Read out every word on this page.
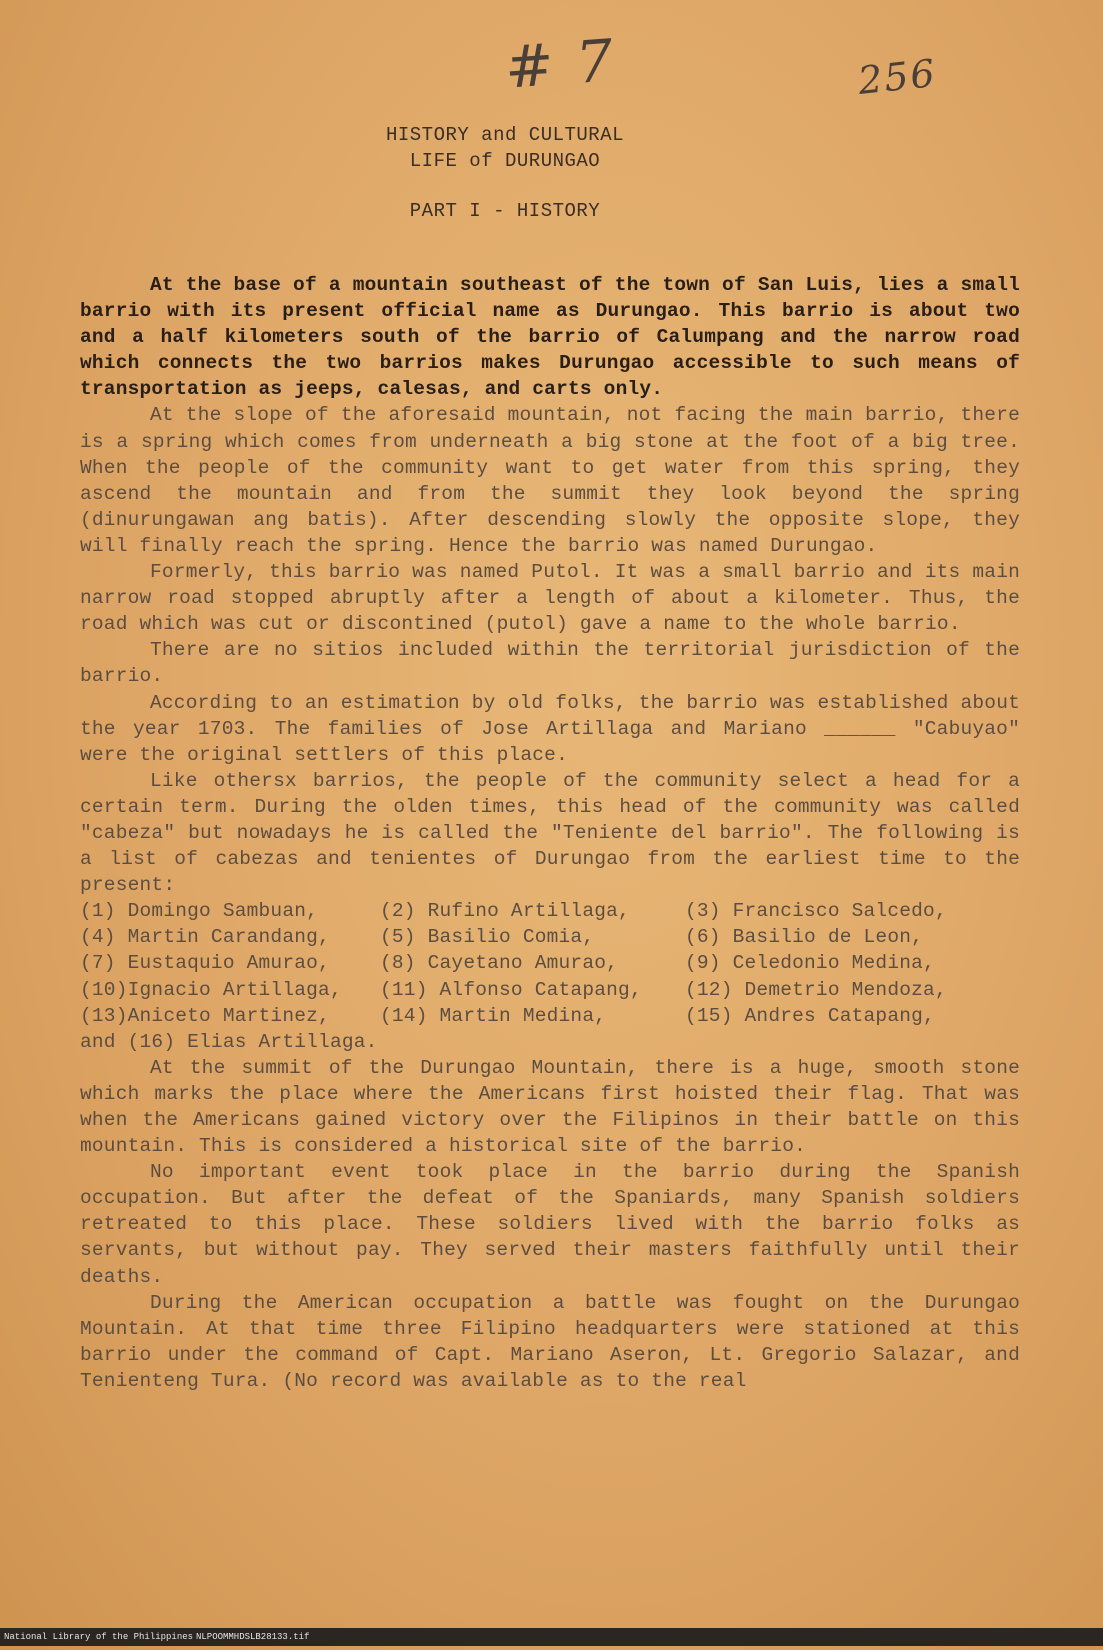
# 7	256
HISTORY and CULTURAL
LIFE of DURUNGAO
PART I - HISTORY

At the base of a mountain southeast of the town of San Luis, lies a small barrio with its present official name as Durungao. This barrio is about two and a half kilometers south of the barrio of Calumpang and the narrow road which connects the two barrios makes Durungao accessible to such means of transportation as jeeps, calesas, and carts only.

At the slope of the aforesaid mountain, not facing the main barrio, there is a spring which comes from underneath a big stone at the foot of a big tree. When the people of the community want to get water from this spring, they ascend the mountain and from the summit they look beyond the spring (dinurungawan ang batis). After descending slowly the opposite slope, they will finally reach the spring. Hence the barrio was named Durungao.

Formerly, this barrio was named Putol. It was a small barrio and its main narrow road stopped abruptly after a length of about a kilometer. Thus, the road which was cut or discontined (putol) gave a name to the whole barrio.

There are no sitios included within the territorial jurisdiction of the barrio.

According to an estimation by old folks, the barrio was established about the year 1703. The families of Jose Artillaga and Mariano ______ "Cabuyao" were the original settlers of this place.

Like othersx barrios, the people of the community select a head for a certain term. During the olden times, this head of the community was called "cabeza" but nowadays he is called the "Teniente del barrio". The following is a list of cabezas and tenientes of Durungao from the earliest time to the present:

(1) Domingo Sambuan,	(2) Rufino Artillaga,	(3) Francisco Salcedo,
(4) Martin Carandang,	(5) Basilio Comia,	(6) Basilio de Leon,
(7) Eustaquio Amurao,	(8) Cayetano Amurao,	(9) Celedonio Medina,
(10)Ignacio Artillaga,	(11) Alfonso Catapang,	(12) Demetrio Mendoza,
(13)Aniceto Martinez,	(14) Martin Medina,	(15) Andres Catapang,

and (16) Elias Artillaga.

At the summit of the Durungao Mountain, there is a huge, smooth stone which marks the place where the Americans first hoisted their flag. That was when the Americans gained victory over the Filipinos in their battle on this mountain. This is considered a historical site of the barrio.

No important event took place in the barrio during the Spanish occupation. But after the defeat of the Spaniards, many Spanish soldiers retreated to this place. These soldiers lived with the barrio folks as servants, but without pay. They served their masters faithfully until their deaths.

During the American occupation a battle was fought on the Durungao Mountain. At that time three Filipino headquarters were stationed at this barrio under the command of Capt. Mariano Aseron, Lt. Gregorio Salazar, and Tenienteng Tura. (No record was available as to the real

National Library of the Philippines NLPOOMMHDSLB28133.tif
